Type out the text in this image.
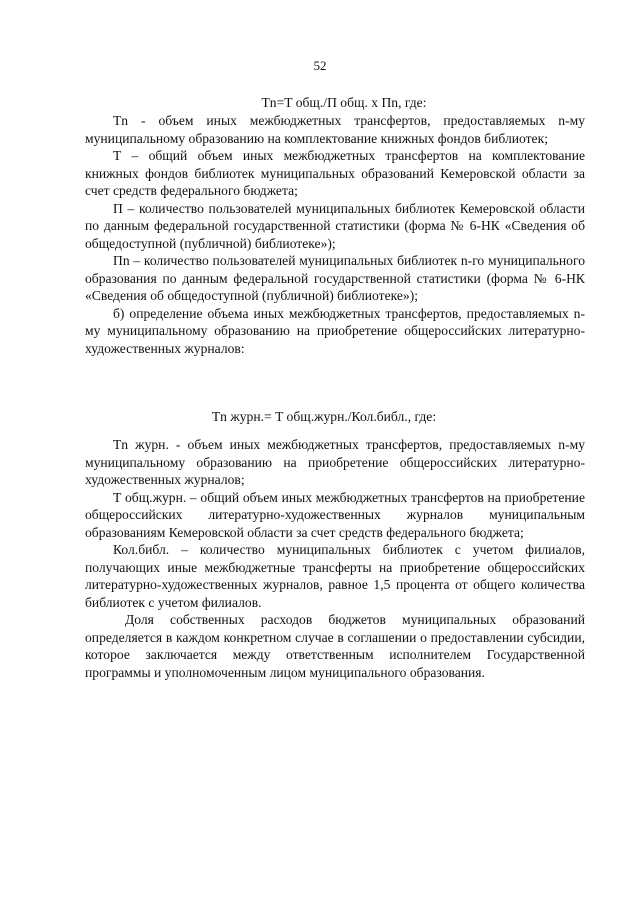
52
Tn=T общ./П общ. х Пn, где:

Tn - объем иных межбюджетных трансфертов, предоставляемых n-му муниципальному образованию на комплектование книжных фондов библиотек;

Т – общий объем иных межбюджетных трансфертов на комплектование книжных фондов библиотек муниципальных образований Кемеровской области за счет средств федерального бюджета;

П – количество пользователей муниципальных библиотек Кемеровской области по данным федеральной государственной статистики (форма № 6-НК «Сведения об общедоступной (публичной) библиотеке»);

Пn – количество пользователей муниципальных библиотек n-го муниципального образования по данным федеральной государственной статистики (форма № 6-НК «Сведения об общедоступной (публичной) библиотеке»);

б) определение объема иных межбюджетных трансфертов, предоставляемых n-му муниципальному образованию на приобретение общероссийских литературно-художественных журналов:

Tn журн.= T общ.журн./Кол.библ., где:

Tn журн. - объем иных межбюджетных трансфертов, предоставляемых n-му муниципальному образованию на приобретение общероссийских литературно-художественных журналов;

Т общ.журн. – общий объем иных межбюджетных трансфертов на приобретение общероссийских литературно-художественных журналов муниципальным образованиям Кемеровской области за счет средств федерального бюджета;

Кол.библ. – количество муниципальных библиотек с учетом филиалов, получающих иные межбюджетные трансферты на приобретение общероссийских литературно-художественных журналов, равное 1,5 процента от общего количества библиотек с учетом филиалов.

Доля собственных расходов бюджетов муниципальных образований определяется в каждом конкретном случае в соглашении о предоставлении субсидии, которое заключается между ответственным исполнителем Государственной программы и уполномоченным лицом муниципального образования.
